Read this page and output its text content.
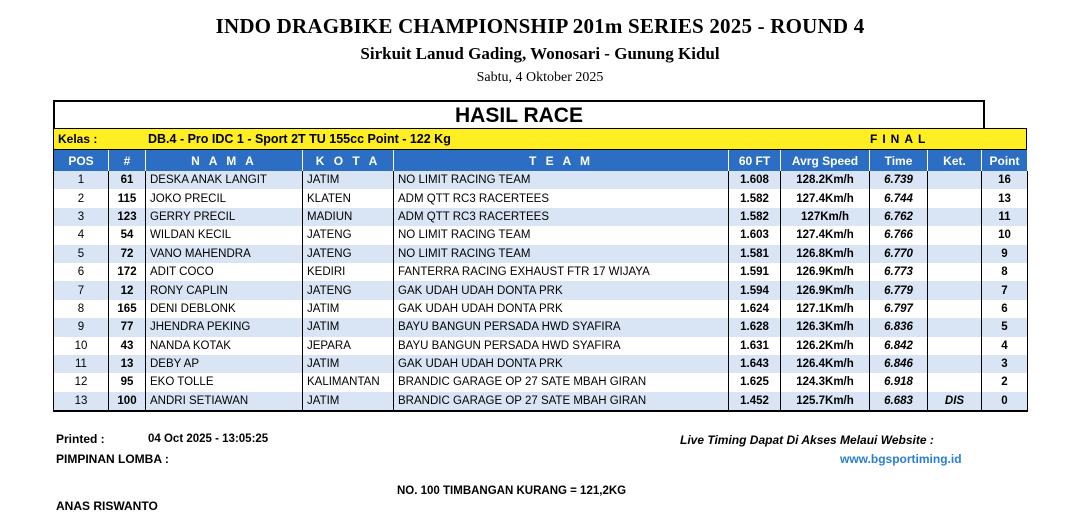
INDO DRAGBIKE CHAMPIONSHIP 201m SERIES 2025 - ROUND 4
Sirkuit Lanud Gading, Wonosari - Gunung Kidul
Sabtu, 4 Oktober 2025
HASIL RACE
Kelas :	DB.4 - Pro IDC 1 - Sport 2T TU 155cc Point - 122 Kg	FINAL
POS	#	N A M A	K O T A	T E A M	60 FT	Avrg Speed	Time	Ket.	Point
1	61	DESKA ANAK LANGIT	JATIM	NO LIMIT RACING TEAM	1.608	128.2Km/h	6.739		16
2	115	JOKO PRECIL	KLATEN	ADM QTT RC3 RACERTEES	1.582	127.4Km/h	6.744		13
3	123	GERRY PRECIL	MADIUN	ADM QTT RC3 RACERTEES	1.582	127Km/h	6.762		11
4	54	WILDAN KECIL	JATENG	NO LIMIT RACING TEAM	1.603	127.4Km/h	6.766		10
5	72	VANO MAHENDRA	JATENG	NO LIMIT RACING TEAM	1.581	126.8Km/h	6.770		9
6	172	ADIT COCO	KEDIRI	FANTERRA RACING EXHAUST FTR 17 WIJAYA	1.591	126.9Km/h	6.773		8
7	12	RONY CAPLIN	JATENG	GAK UDAH UDAH DONTA PRK	1.594	126.9Km/h	6.779		7
8	165	DENI DEBLONK	JATIM	GAK UDAH UDAH DONTA PRK	1.624	127.1Km/h	6.797		6
9	77	JHENDRA PEKING	JATIM	BAYU BANGUN PERSADA HWD SYAFIRA	1.628	126.3Km/h	6.836		5
10	43	NANDA KOTAK	JEPARA	BAYU BANGUN PERSADA HWD SYAFIRA	1.631	126.2Km/h	6.842		4
11	13	DEBY AP	JATIM	GAK UDAH UDAH DONTA PRK	1.643	126.4Km/h	6.846		3
12	95	EKO TOLLE	KALIMANTAN	BRANDIC GARAGE OP 27 SATE MBAH GIRAN	1.625	124.3Km/h	6.918		2
13	100	ANDRI SETIAWAN	JATIM	BRANDIC GARAGE OP 27 SATE MBAH GIRAN	1.452	125.7Km/h	6.683	DIS	0
Printed :	04 Oct 2025 - 13:05:25	Live Timing Dapat Di Akses Melaui Website :
PIMPINAN LOMBA :	www.bgsportiming.id
NO. 100 TIMBANGAN KURANG = 121,2KG
ANAS RISWANTO
